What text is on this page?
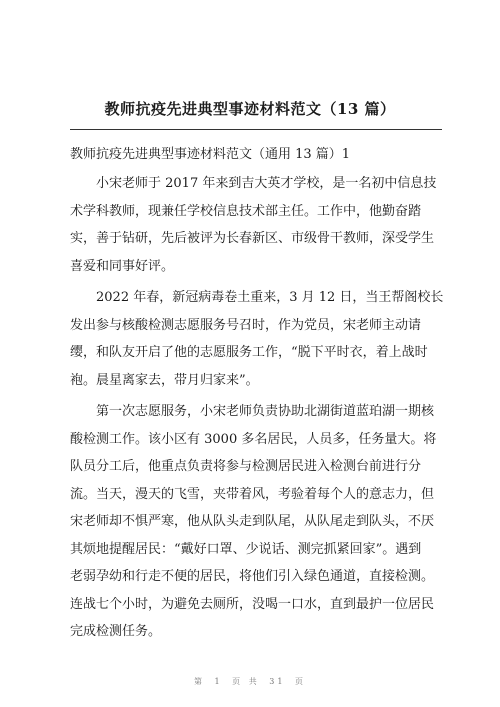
教师抗疫先进典型事迹材料范文（13 篇）

教师抗疫先进典型事迹材料范文（通用 13 篇）1

小宋老师于 2017 年来到吉大英才学校，是一名初中信息技
术学科教师，现兼任学校信息技术部主任。工作中，他勤奋踏
实，善于钻研，先后被评为长春新区、市级骨干教师，深受学生
喜爱和同事好评。

2022 年春，新冠病毒卷土重来，3 月 12 日，当王帮阁校长
发出参与核酸检测志愿服务号召时，作为党员，宋老师主动请
缨，和队友开启了他的志愿服务工作，“脱下平时衣，着上战时
袍。晨星离家去，带月归家来”。

第一次志愿服务，小宋老师负责协助北湖街道蓝珀湖一期核
酸检测工作。该小区有 3000 多名居民，人员多，任务量大。将
队员分工后，他重点负责将参与检测居民进入检测台前进行分
流。当天，漫天的飞雪，夹带着风，考验着每个人的意志力，但
宋老师却不惧严寒，他从队头走到队尾，从队尾走到队头，不厌
其烦地提醒居民：“戴好口罩、少说话、测完抓紧回家”。遇到
老弱孕幼和行走不便的居民，将他们引入绿色通道，直接检测。
连战七个小时，为避免去厕所，没喝一口水，直到最护一位居民
完成检测任务。

第 1 页 共 31 页
